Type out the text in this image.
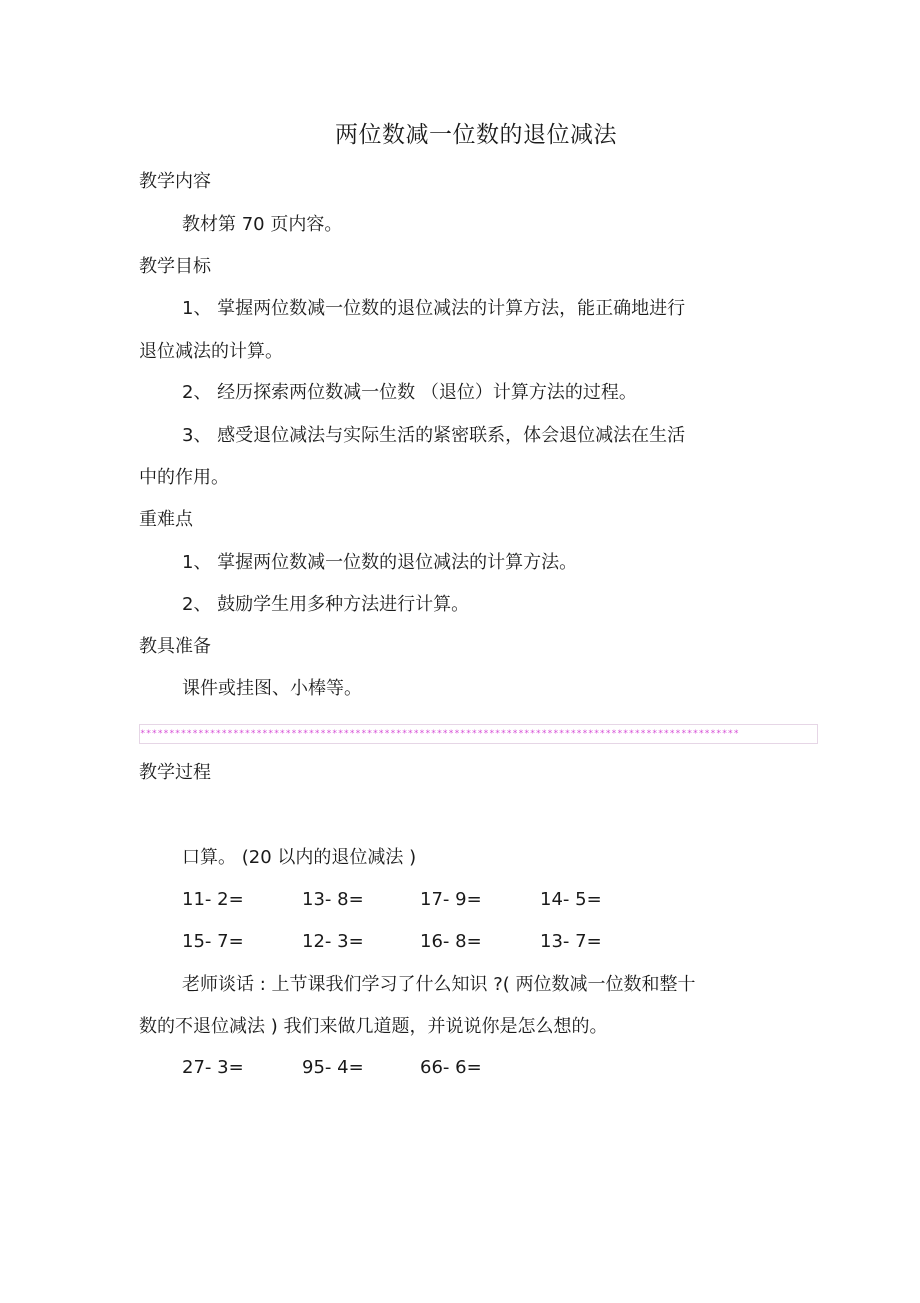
两位数减一位数的退位减法
教学内容
教材第 70 页内容。
教学目标
1、 掌握两位数减一位数的退位减法的计算方法，能正确地进行
退位减法的计算。
2、 经历探索两位数减一位数 （退位）计算方法的过程。
3、 感受退位减法与实际生活的紧密联系，体会退位减法在生活
中的作用。
重难点
1、 掌握两位数减一位数的退位减法的计算方法。
2、 鼓励学生用多种方法进行计算。
教具准备
课件或挂图、小棒等。
*******************************************************************************************************
教学过程
口算。 (20 以内的退位减法 )
11- 2=	13- 8=	17- 9=	14- 5=
15- 7=	12- 3=	16- 8=	13- 7=
老师谈话 : 上节课我们学习了什么知识 ?( 两位数减一位数和整十
数的不退位减法 ) 我们来做几道题，并说说你是怎么想的。
27- 3=	95- 4=	66- 6=
